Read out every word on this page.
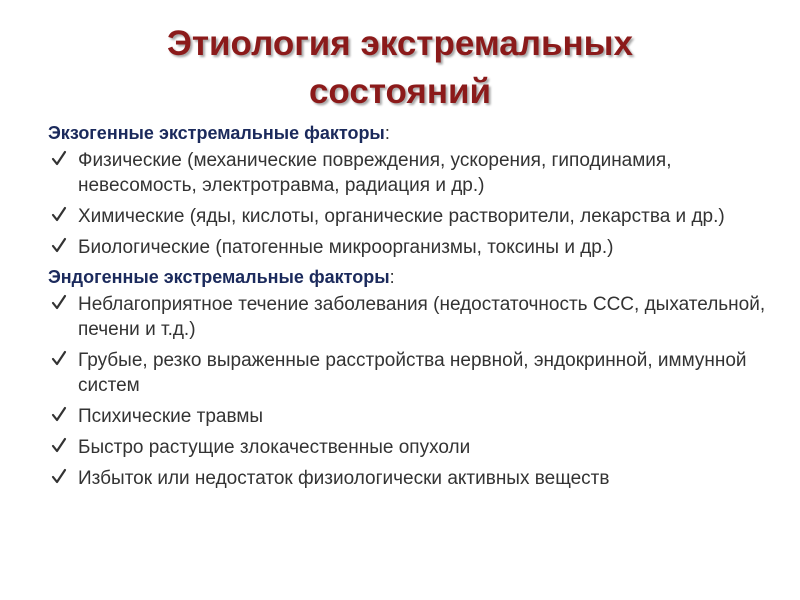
Этиология экстремальных
состояний
Экзогенные экстремальные факторы:
Физические (механические повреждения, ускорения, гиподинамия, невесомость, электротравма, радиация и др.)
Химические (яды, кислоты, органические растворители, лекарства и др.)
Биологические (патогенные микроорганизмы, токсины и др.)
Эндогенные экстремальные факторы:
Неблагоприятное течение заболевания (недостаточность ССС, дыхательной, печени и т.д.)
Грубые, резко выраженные расстройства нервной, эндокринной, иммунной систем
Психические травмы
Быстро растущие злокачественные опухоли
Избыток или недостаток физиологически активных веществ
